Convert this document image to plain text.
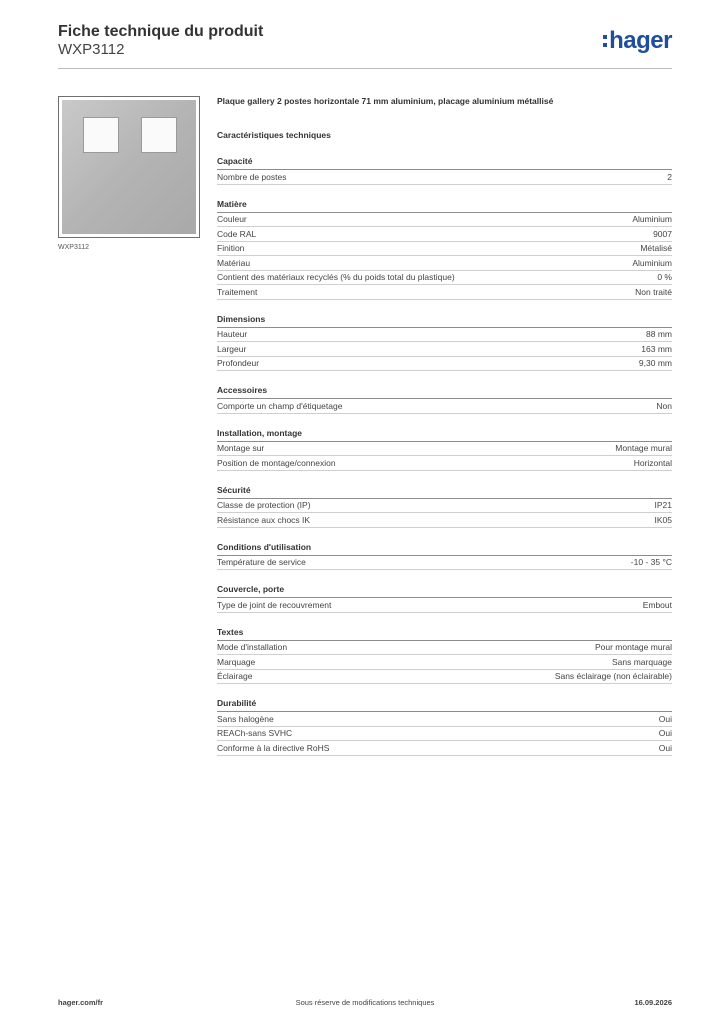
Fiche technique du produit
WXP3112	hager
WXP3112
Plaque gallery 2 postes horizontale 71 mm aluminium, placage aluminium métallisé
Caractéristiques techniques
Capacité
Nombre de postes	2
Matière
Couleur	Aluminium
Code RAL	9007
Finition	Métalisé
Matériau	Aluminium
Contient des matériaux recyclés (% du poids total du plastique)	0 %
Traitement	Non traité
Dimensions
Hauteur	88 mm
Largeur	163 mm
Profondeur	9,30 mm
Accessoires
Comporte un champ d'étiquetage	Non
Installation, montage
Montage sur	Montage mural
Position de montage/connexion	Horizontal
Sécurité
Classe de protection (IP)	IP21
Résistance aux chocs IK	IK05
Conditions d'utilisation
Température de service	-10 - 35 °C
Couvercle, porte
Type de joint de recouvrement	Embout
Textes
Mode d'installation	Pour montage mural
Marquage	Sans marquage
Éclairage	Sans éclairage (non éclairable)
Durabilité
Sans halogène	Oui
REACh-sans SVHC	Oui
Conforme à la directive RoHS	Oui
hager.com/fr	Sous réserve de modifications techniques	16.09.2026
